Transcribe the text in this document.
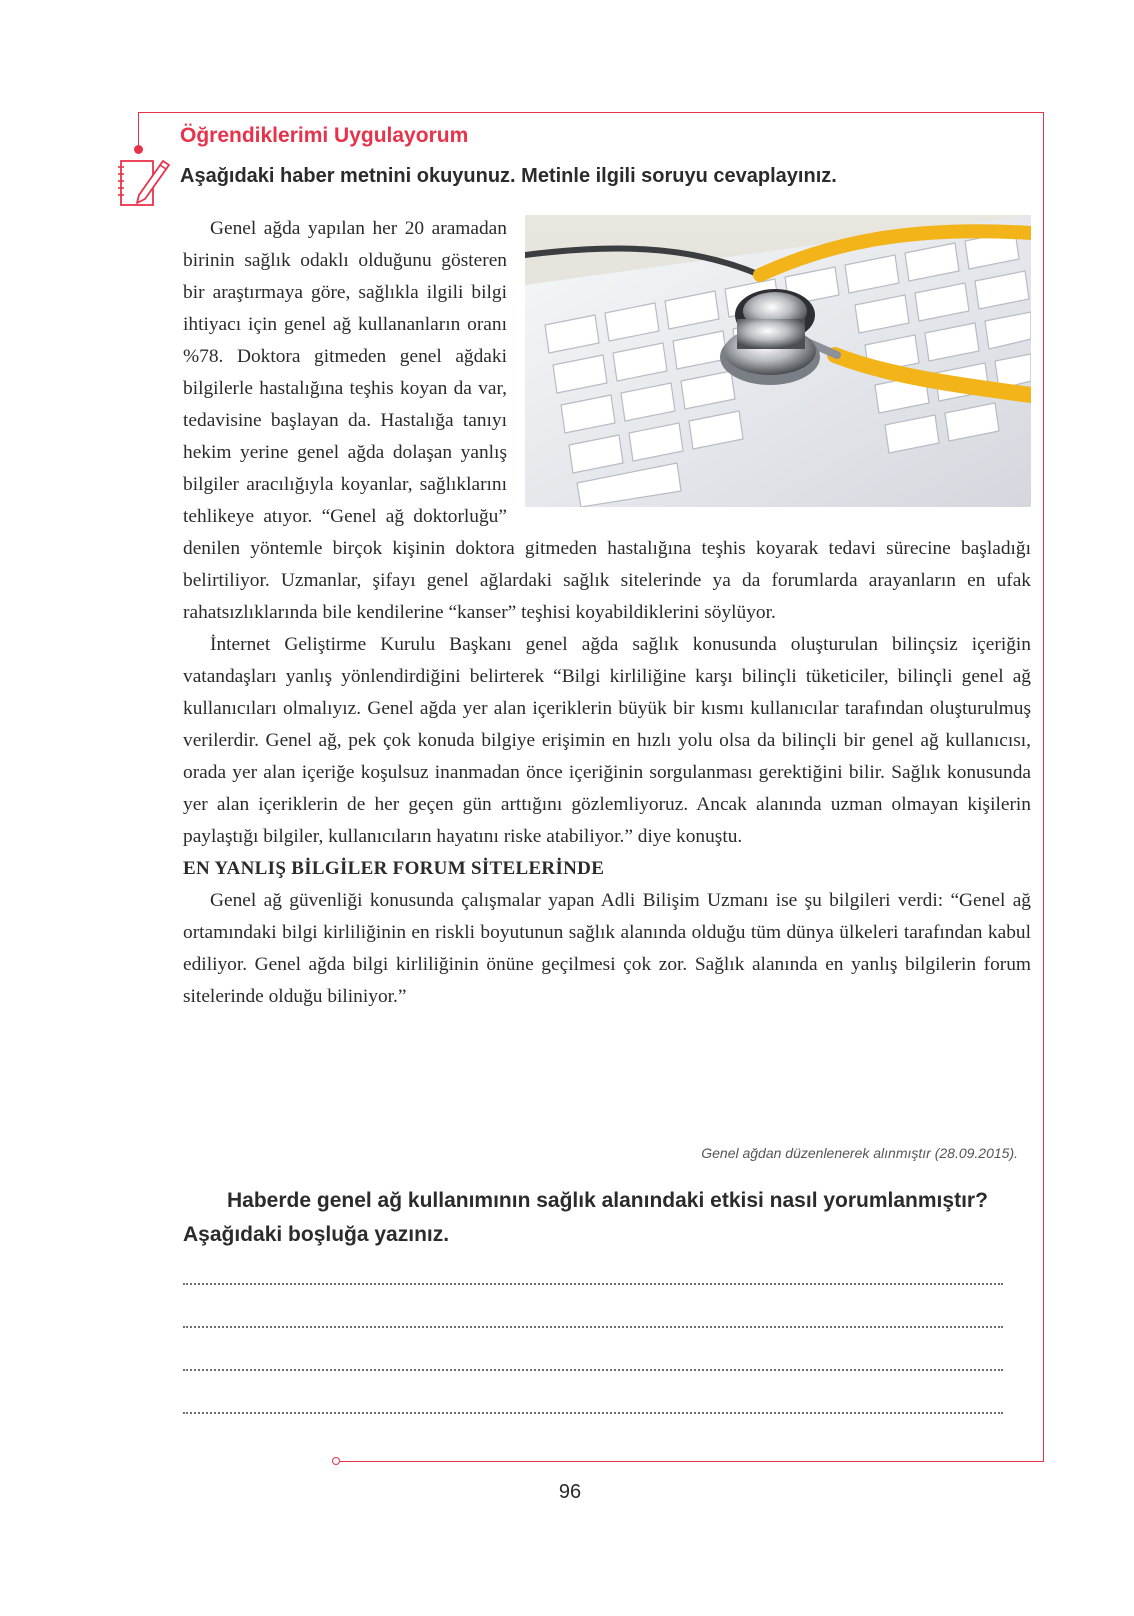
Öğrendiklerimi Uygulayorum
Aşağıdaki haber metnini okuyunuz. Metinle ilgili soruyu cevaplayınız.

Genel ağda yapılan her 20 aramadan birinin sağlık odaklı olduğunu gösteren bir araştırmaya göre, sağlıkla ilgili bilgi ihtiyacı için genel ağ kullananların oranı %78. Doktora gitmeden genel ağdaki bilgilerle hastalığına teşhis koyan da var, tedavisine başlayan da. Hastalığa tanıyı hekim yerine genel ağda dolaşan yanlış bilgiler aracılığıyla koyanlar, sağlıklarını tehlikeye atıyor. “Genel ağ doktorluğu” denilen yöntemle birçok kişinin doktora gitmeden hastalığına teşhis koyarak tedavi sürecine başladığı belirtiliyor. Uzmanlar, şifayı genel ağlardaki sağlık sitelerinde ya da forumlarda arayanların en ufak rahatsızlıklarında bile kendilerine “kanser” teşhisi koyabildiklerini söylüyor.

İnternet Geliştirme Kurulu Başkanı genel ağda sağlık konusunda oluşturulan bilinçsiz içeriğin vatandaşları yanlış yönlendirdiğini belirterek “Bilgi kirliliğine karşı bilinçli tüketiciler, bilinçli genel ağ kullanıcıları olmalıyız. Genel ağda yer alan içeriklerin büyük bir kısmı kullanıcılar tarafından oluşturulmuş verilerdir. Genel ağ, pek çok konuda bilgiye erişimin en hızlı yolu olsa da bilinçli bir genel ağ kullanıcısı, orada yer alan içeriğe koşulsuz inanmadan önce içeriğinin sorgulanması gerektiğini bilir. Sağlık konusunda yer alan içeriklerin de her geçen gün arttığını gözlemliyoruz. Ancak alanında uzman olmayan kişilerin paylaştığı bilgiler, kullanıcıların hayatını riske atabiliyor.” diye konuştu.

EN YANLIŞ BİLGİLER FORUM SİTELERİNDE

Genel ağ güvenliği konusunda çalışmalar yapan Adli Bilişim Uzmanı ise şu bilgileri verdi: “Genel ağ ortamındaki bilgi kirliliğinin en riskli boyutunun sağlık alanında olduğu tüm dünya ülkeleri tarafından kabul ediliyor. Genel ağda bilgi kirliliğinin önüne geçilmesi çok zor. Sağlık alanında en yanlış bilgilerin forum sitelerinde olduğu biliniyor.”

Genel ağdan düzenlenerek alınmıştır (28.09.2015).

Haberde genel ağ kullanımının sağlık alanındaki etkisi nasıl yorumlanmıştır? Aşağıdaki boşluğa yazınız.

96
